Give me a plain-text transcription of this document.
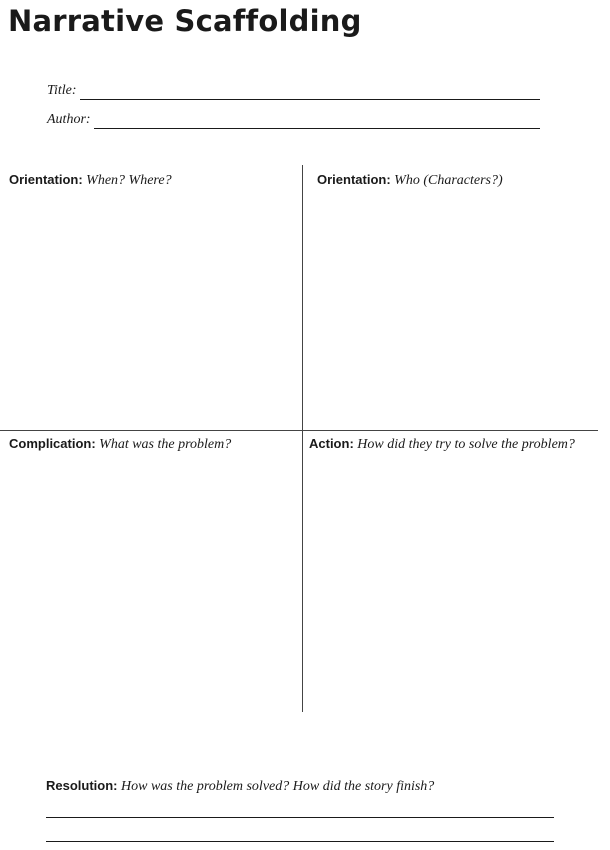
Narrative Scaffolding
Title:
Author:
Orientation: When? Where?	Orientation: Who (Characters?)
Complication: What was the problem?	Action: How did they try to solve the problem?
Resolution: How was the problem solved? How did the story finish?
